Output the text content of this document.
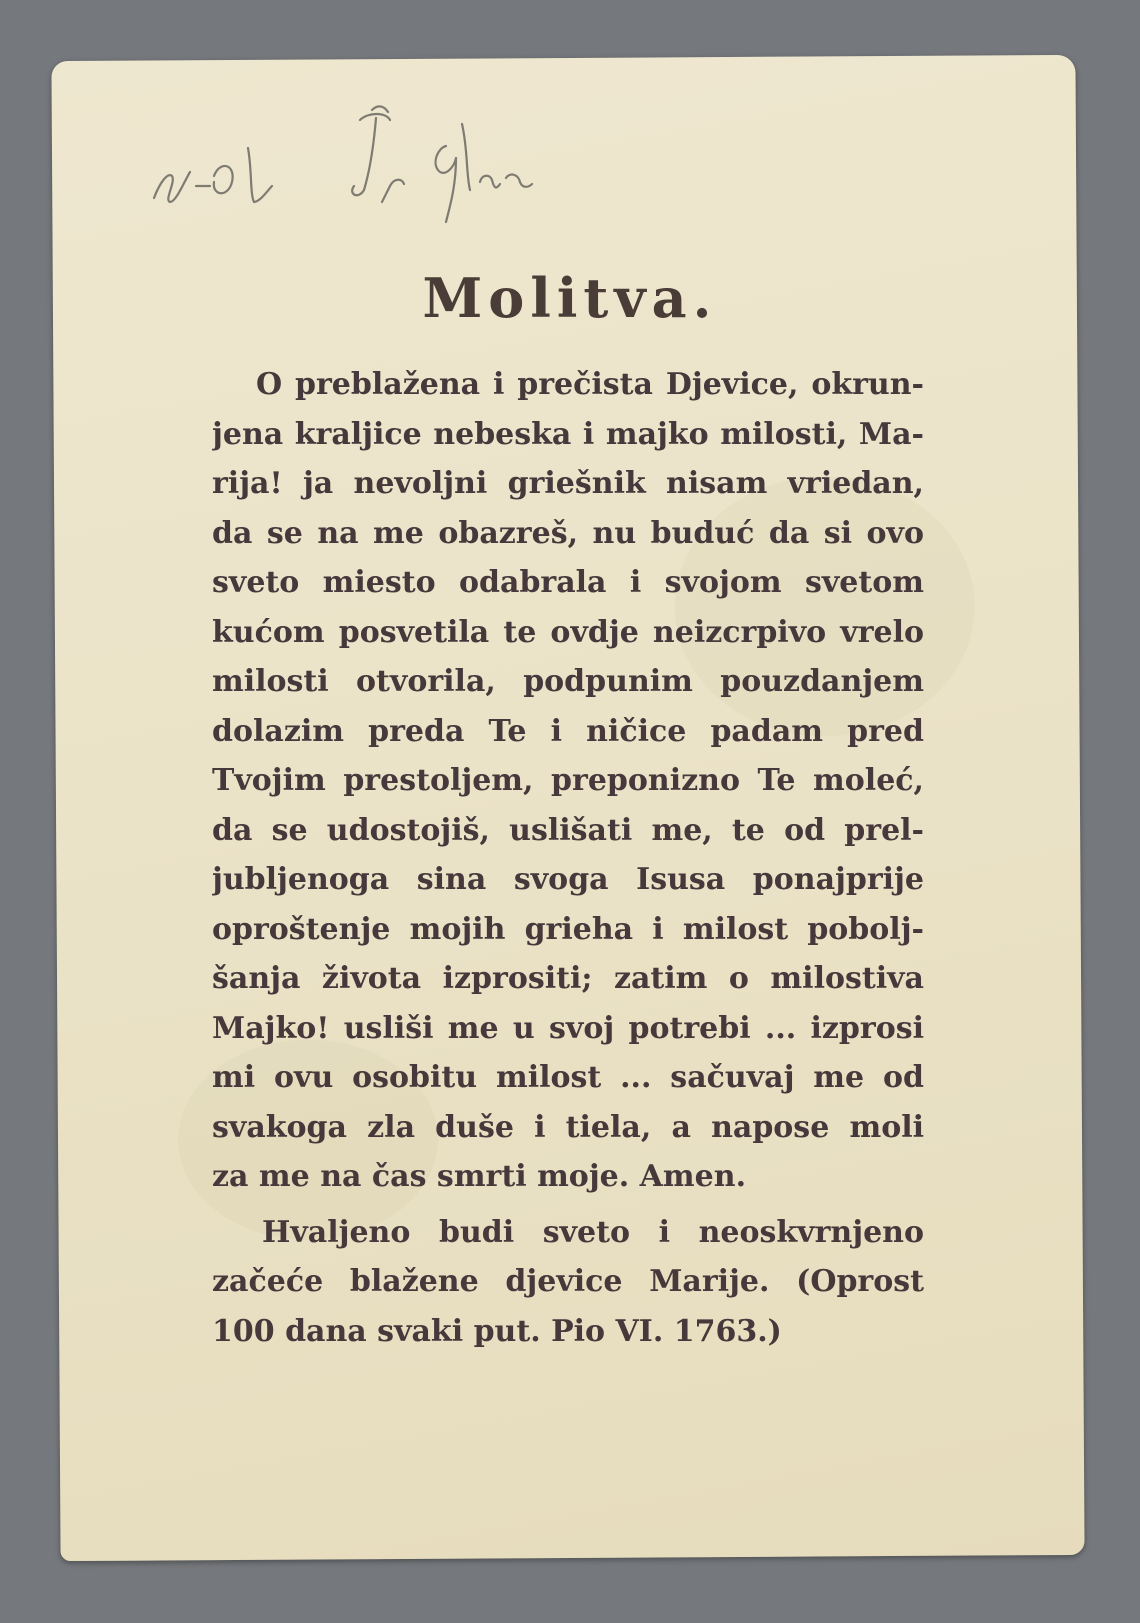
Molitva.
O preblažena i prečista Djevice, okrun-
jena kraljice nebeska i majko milosti, Ma-
rija! ja nevoljni griešnik nisam vriedan,
da se na me obazreš, nu buduć da si ovo
sveto miesto odabrala i svojom svetom
kućom posvetila te ovdje neizcrpivo vrelo
milosti otvorila, podpunim pouzdanjem
dolazim preda Te i ničice padam pred
Tvojim prestoljem, preponizno Te moleć,
da se udostojiš, uslišati me, te od prel-
jubljenoga sina svoga Isusa ponajprije
oproštenje mojih grieha i milost pobolj-
šanja života izprositi; zatim o milostiva
Majko! usliši me u svoj potrebi ... izprosi
mi ovu osobitu milost ... sačuvaj me od
svakoga zla duše i tiela, a napose moli
za me na čas smrti moje. Amen.
Hvaljeno budi sveto i neoskvrnjeno
začeće blažene djevice Marije. (Oprost
100 dana svaki put. Pio VI. 1763.)
